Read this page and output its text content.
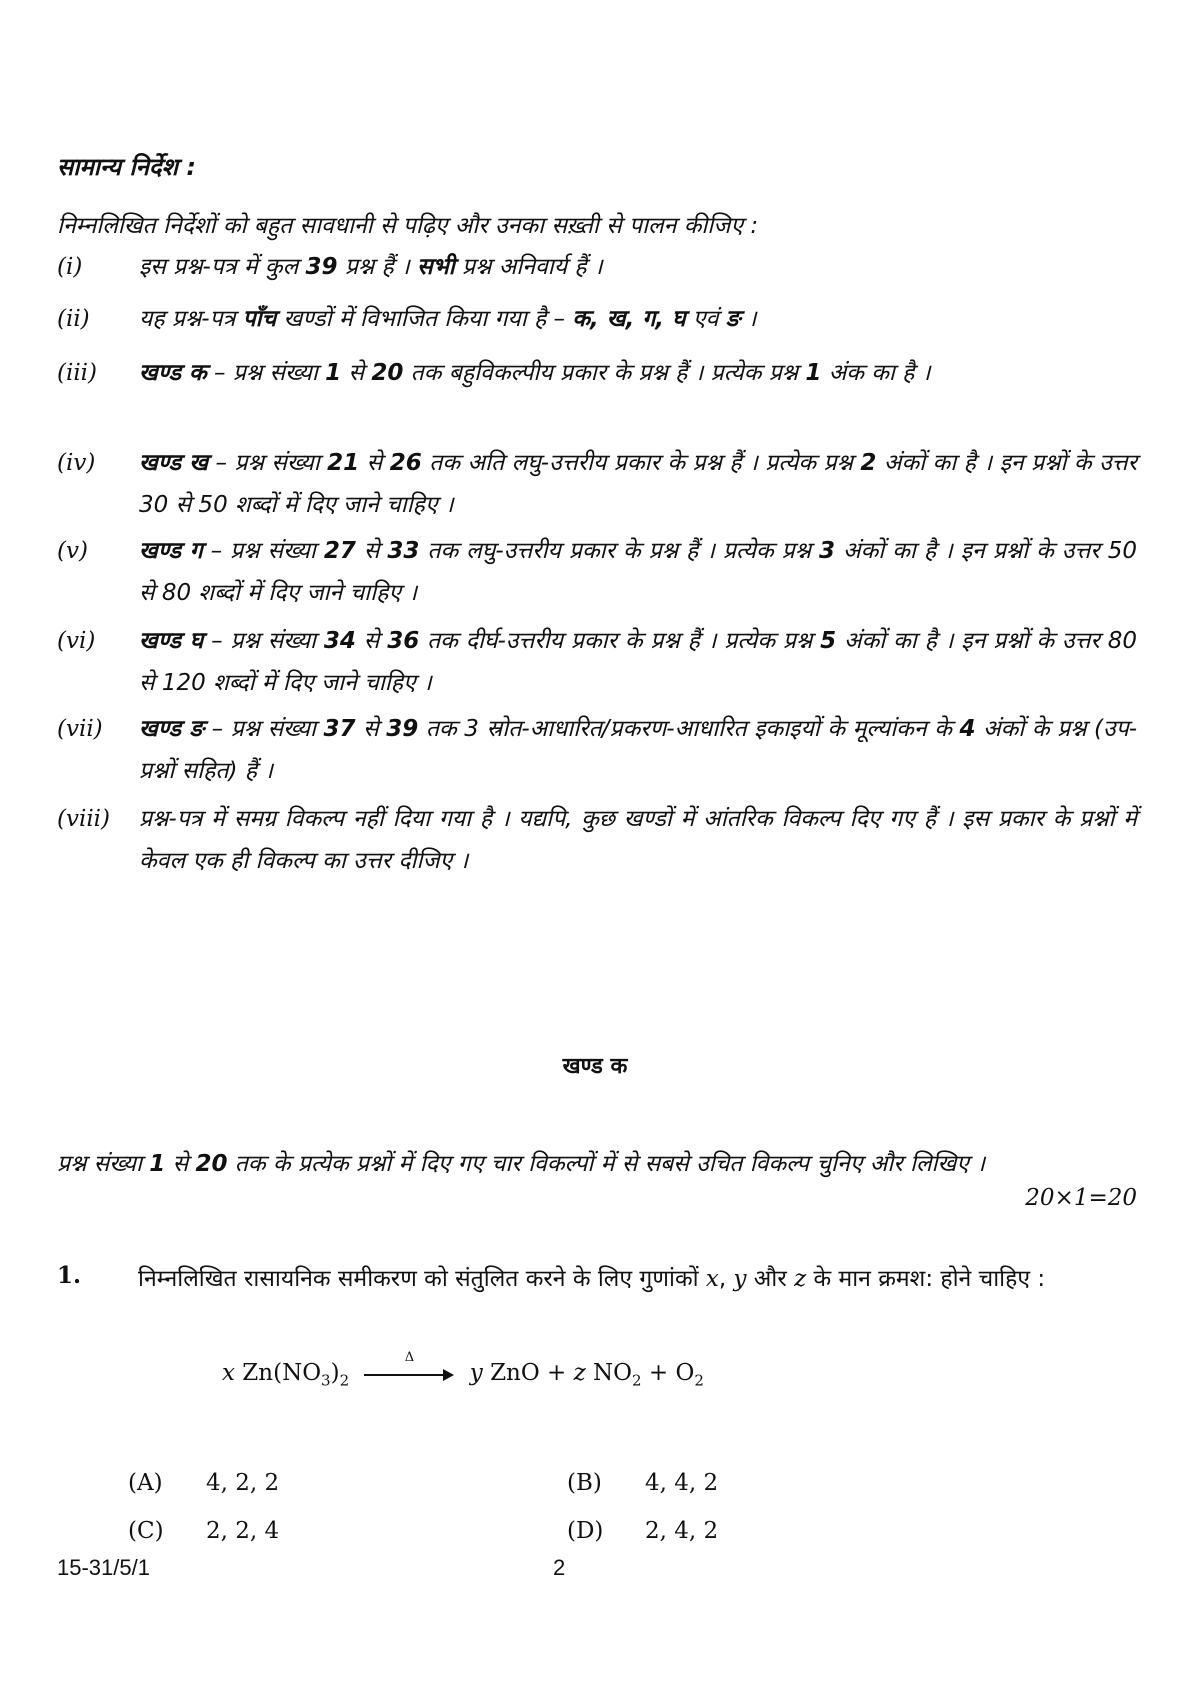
सामान्य निर्देश :
निम्नलिखित निर्देशों को बहुत सावधानी से पढ़िए और उनका सख़्ती से पालन कीजिए :
(i) इस प्रश्न-पत्र में कुल 39 प्रश्न हैं । सभी प्रश्न अनिवार्य हैं ।
(ii) यह प्रश्न-पत्र पाँच खण्डों में विभाजित किया गया है – क, ख, ग, घ एवं ङ ।
(iii) खण्ड क – प्रश्न संख्या 1 से 20 तक बहुविकल्पीय प्रकार के प्रश्न हैं । प्रत्येक प्रश्न 1 अंक का है ।
(iv) खण्ड ख – प्रश्न संख्या 21 से 26 तक अति लघु-उत्तरीय प्रकार के प्रश्न हैं । प्रत्येक प्रश्न 2 अंकों का है । इन प्रश्नों के उत्तर 30 से 50 शब्दों में दिए जाने चाहिए ।
(v) खण्ड ग – प्रश्न संख्या 27 से 33 तक लघु-उत्तरीय प्रकार के प्रश्न हैं । प्रत्येक प्रश्न 3 अंकों का है । इन प्रश्नों के उत्तर 50 से 80 शब्दों में दिए जाने चाहिए ।
(vi) खण्ड घ – प्रश्न संख्या 34 से 36 तक दीर्घ-उत्तरीय प्रकार के प्रश्न हैं । प्रत्येक प्रश्न 5 अंकों का है । इन प्रश्नों के उत्तर 80 से 120 शब्दों में दिए जाने चाहिए ।
(vii) खण्ड ङ – प्रश्न संख्या 37 से 39 तक 3 स्रोत-आधारित/प्रकरण-आधारित इकाइयों के मूल्यांकन के 4 अंकों के प्रश्न (उप-प्रश्नों सहित) हैं ।
(viii) प्रश्न-पत्र में समग्र विकल्प नहीं दिया गया है । यद्यपि, कुछ खण्डों में आंतरिक विकल्प दिए गए हैं । इस प्रकार के प्रश्नों में केवल एक ही विकल्प का उत्तर दीजिए ।
खण्ड क
प्रश्न संख्या 1 से 20 तक के प्रत्येक प्रश्नों में दिए गए चार विकल्पों में से सबसे उचित विकल्प चुनिए और लिखिए ।
20×1=20
1. निम्नलिखित रासायनिक समीकरण को संतुलित करने के लिए गुणांकों x, y और z के मान क्रमश: होने चाहिए :
x $Zn(NO_3)_2$
Δ
y ZnO + z $NO_2 + O_2$
(A) 4, 2, 2	(B) 4, 4, 2
(C) 2, 2, 4	(D) 2, 4, 2
15-31/5/1	2
